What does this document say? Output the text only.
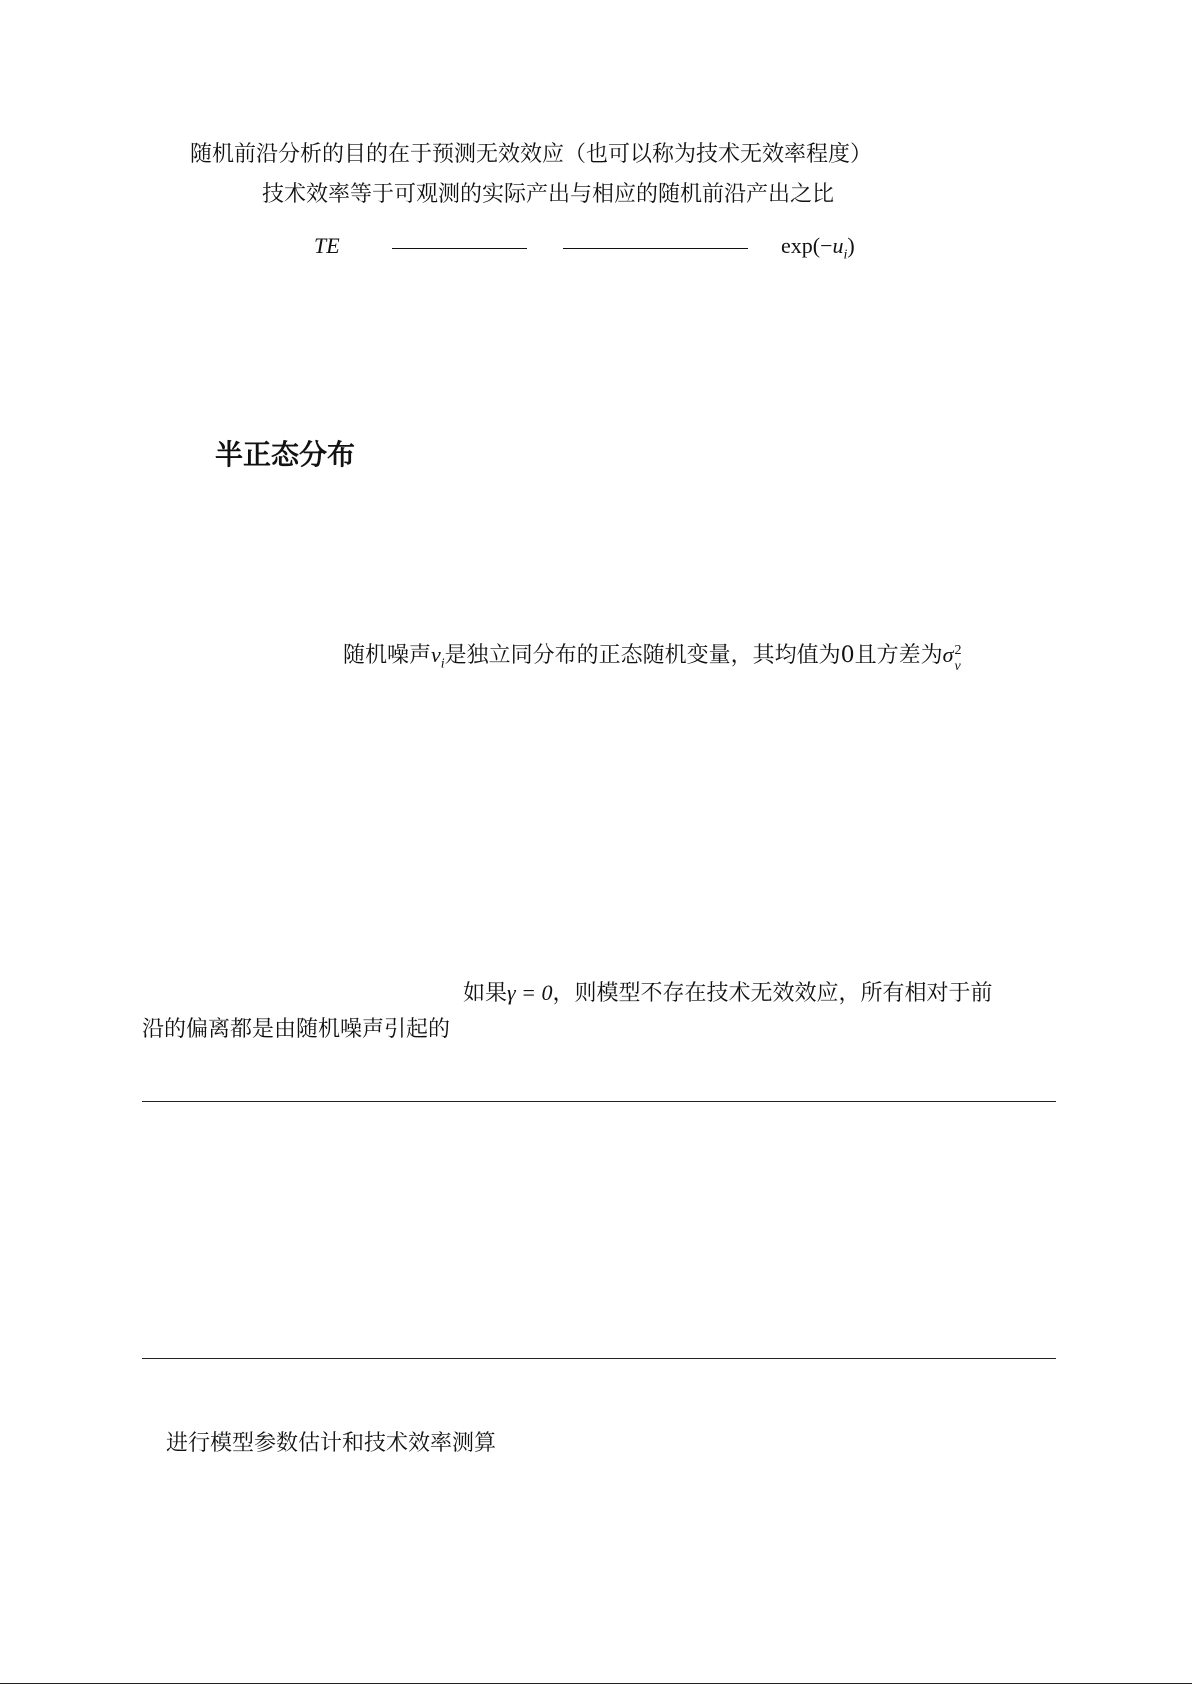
随机前沿分析的目的在于预测无效效应（也可以称为技术无效率程度）
技术效率等于可观测的实际产出与相应的随机前沿产出之比
TE	$\exp(-u_i)$
半正态分布
随机噪声$v_i$是独立同分布的正态随机变量，其均值为0且方差为σ 2
v
如果γ = 0，则模型不存在技术无效效应，所有相对于前
沿的偏离都是由随机噪声引起的
进行模型参数估计和技术效率测算
